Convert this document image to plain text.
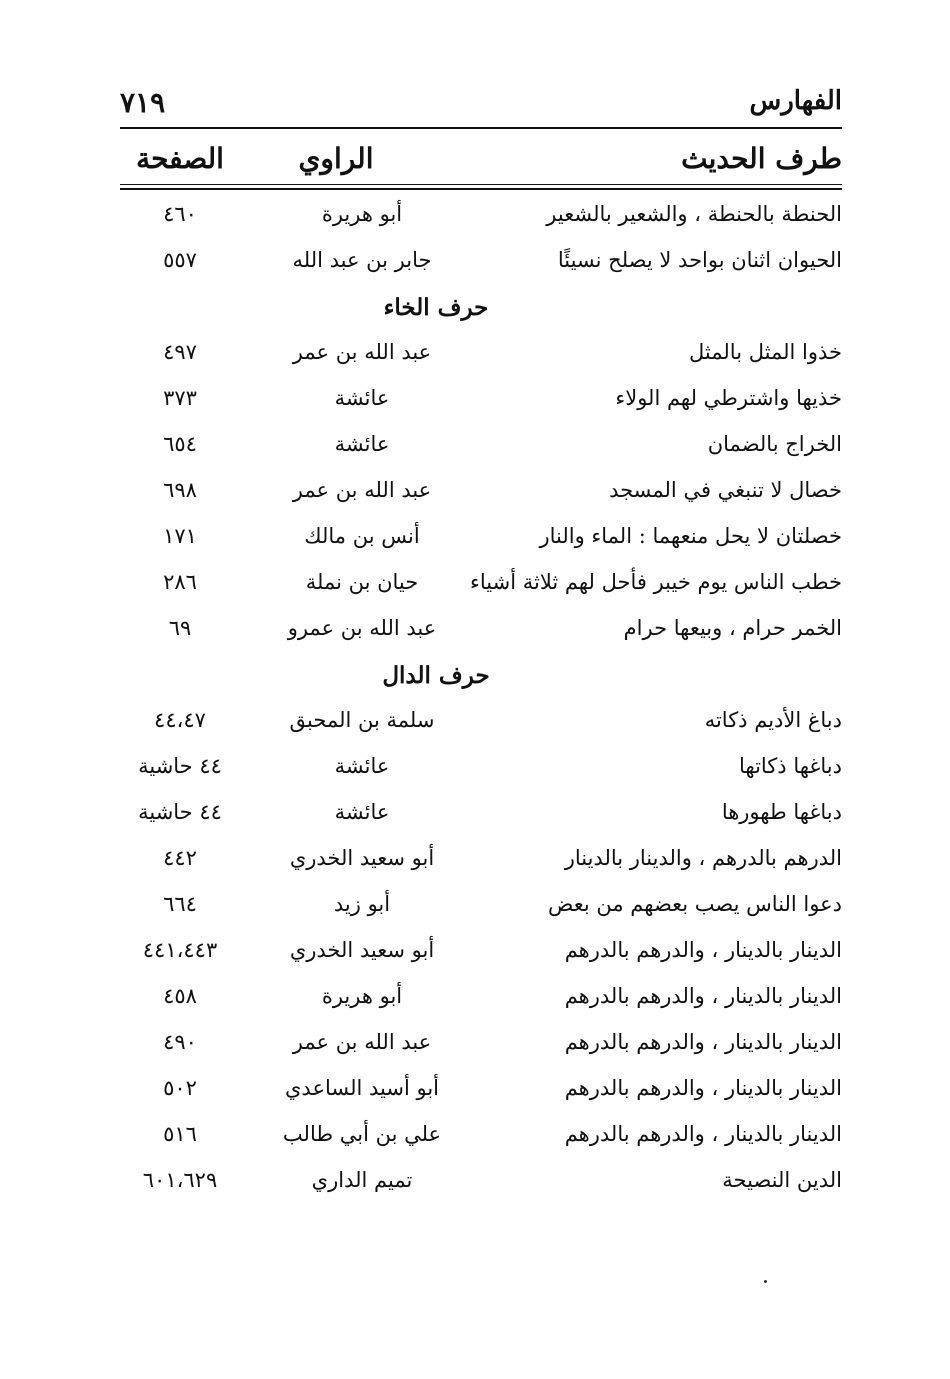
الفهارس
٧١٩
طرف الحديث
الراوي
الصفحة
الحنطة بالحنطة ، والشعير بالشعير
أبو هريرة
٤٦٠
الحيوان اثنان بواحد لا يصلح نسيئًا
جابر بن عبد الله
٥٥٧
حرف الخاء
خذوا المثل بالمثل
عبد الله بن عمر
٤٩٧
خذيها واشترطي لهم الولاء
عائشة
٣٧٣
الخراج بالضمان
عائشة
٦٥٤
خصال لا تنبغي في المسجد
عبد الله بن عمر
٦٩٨
خصلتان لا يحل منعهما : الماء والنار
أنس بن مالك
١٧١
خطب الناس يوم خيبر فأحل لهم ثلاثة أشياء
حيان بن نملة
٢٨٦
الخمر حرام ، وبيعها حرام
عبد الله بن عمرو
٦٩
حرف الدال
دباغ الأديم ذكاته
سلمة بن المحبق
٤٤،٤٧
دباغها ذكاتها
عائشة
٤٤ حاشية
دباغها طهورها
عائشة
٤٤ حاشية
الدرهم بالدرهم ، والدينار بالدينار
أبو سعيد الخدري
٤٤٢
دعوا الناس يصب بعضهم من بعض
أبو زيد
٦٦٤
الدينار بالدينار ، والدرهم بالدرهم
أبو سعيد الخدري
٤٤١،٤٤٣
الدينار بالدينار ، والدرهم بالدرهم
أبو هريرة
٤٥٨
الدينار بالدينار ، والدرهم بالدرهم
عبد الله بن عمر
٤٩٠
الدينار بالدينار ، والدرهم بالدرهم
أبو أسيد الساعدي
٥٠٢
الدينار بالدينار ، والدرهم بالدرهم
علي بن أبي طالب
٥١٦
الدين النصيحة
تميم الداري
٦٠١،٦٢٩
